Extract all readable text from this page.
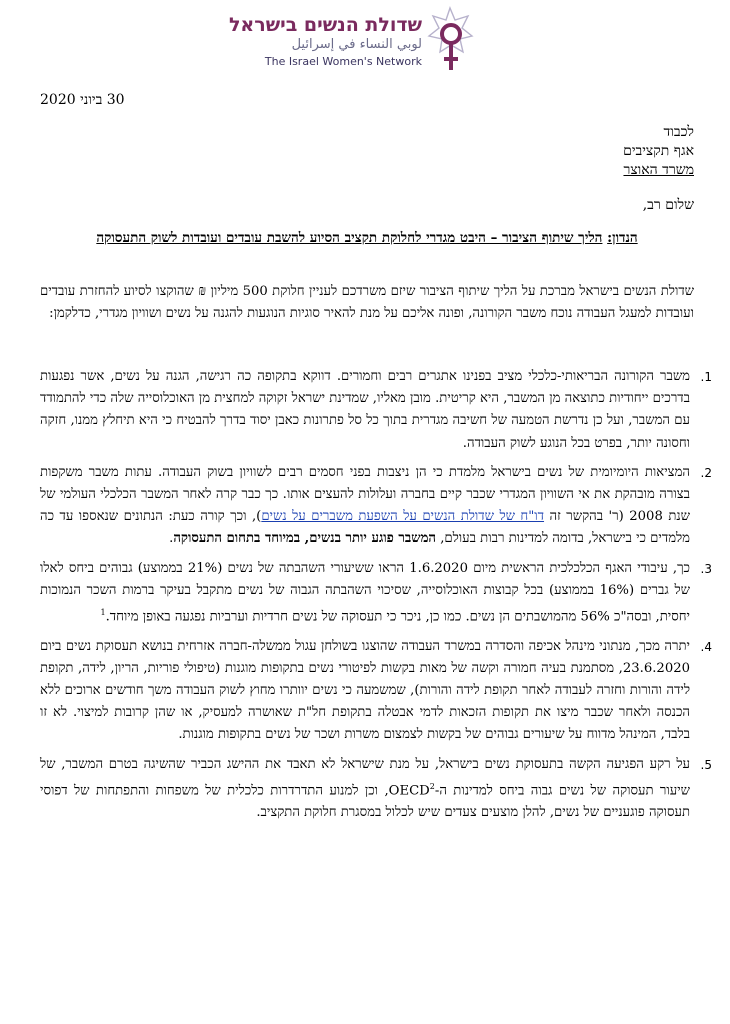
שדולת הנשים בישראל
لوبي النساء في إسرائيل
The Israel Women's Network
30 ביוני 2020
לכבוד
אגף תקציבים
משרד האוצר
שלום רב,
הנדון: הליך שיתוף הציבור – היבט מגדרי לחלוקת תקציב הסיוע להשבת עובדים ועובדות לשוק התעסוקה
שדולת הנשים בישראל מברכת על הליך שיתוף הציבור שיזם משרדכם לעניין חלוקת 500 מיליון ₪ שהוקצו לסיוע להחזרת עובדים ועובדות למעגל העבודה נוכח משבר הקורונה, ופונה אליכם על מנת להאיר סוגיות הנוגעות להגנה על נשים ושוויון מגדרי, כדלקמן:
1.
משבר הקורונה הבריאותי-כלכלי מציב בפנינו אתגרים רבים וחמורים. דווקא בתקופה כה רגישה, הגנה על נשים, אשר נפגעות בדרכים ייחודיות כתוצאה מן המשבר, היא קריטית. מובן מאליו, שמדינת ישראל זקוקה למחצית מן האוכלוסייה שלה כדי להתמודד עם המשבר, ועל כן נדרשת הטמעה של חשיבה מגדרית בתוך כל סל פתרונות כאבן יסוד בדרך להבטיח כי היא תיחלץ ממנו, חזקה וחסונה יותר, בפרט בכל הנוגע לשוק העבודה.
2.
המציאות היומיומית של נשים בישראל מלמדת כי הן ניצבות בפני חסמים רבים לשוויון בשוק העבודה. עתות משבר משקפות בצורה מובהקת את אי השוויון המגדרי שכבר קיים בחברה ועלולות להעצים אותו. כך כבר קרה לאחר המשבר הכלכלי העולמי של שנת 2008 (ר' בהקשר זה דו"ח של שדולת הנשים על השפעת משברים על נשים), וכך קורה כעת: הנתונים שנאספו עד כה מלמדים כי בישראל, בדומה למדינות רבות בעולם, המשבר פוגע יותר בנשים, במיוחד בתחום התעסוקה.
3.
כך, עיבודי האגף הכלכלכית הראשית מיום 1.6.2020 הראו ששיעורי השהבתה של נשים (21% בממוצע) גבוהים ביחס לאלו של גברים (16% בממוצע) בכל קבוצות האוכלוסייה, שסיכוי השהבתה הגבוה של נשים מתקבל בעיקר ברמות השכר הנמוכות יחסית, ובסה"כ 56% מהמושבתים הן נשים. כמו כן, ניכר כי תעסוקה של נשים חרדיות וערביות נפגעה באופן מיוחד.$^1$
4.
יתרה מכך, מנתוני מינהל אכיפה והסדרה במשרד העבודה שהוצגו בשולחן עגול ממשלה-חברה אזרחית בנושא תעסוקת נשים ביום 23.6.2020, מסתמנת בעיה חמורה וקשה של מאות בקשות לפיטורי נשים בתקופות מוגנות (טיפולי פוריות, הריון, לידה, תקופת לידה והורות וחזרה לעבודה לאחר תקופת לידה והורות), שמשמעה כי נשים יוותרו מחוץ לשוק העבודה משך חודשים ארוכים ללא הכנסה ולאחר שכבר מיצו את תקופות הזכאות לדמי אבטלה בתקופת חל"ת שאושרה למעסיק, או שהן קרובות למיצוי. לא זו בלבד, המינהל מדווח על שיעורים גבוהים של בקשות לצמצום משרות ושכר של נשים בתקופות מוגנות.
5.
על רקע הפגיעה הקשה בתעסוקת נשים בישראל, על מנת שישראל לא תאבד את ההישג הכביר שהשיגה בטרם המשבר, של שיעור תעסוקה של נשים גבוה ביחס למדינות ה-OECD$^2$, וכן למנוע התדרדרות כלכלית של משפחות והתפתחות של דפוסי תעסוקה פוגעניים של נשים, להלן מוצעים צעדים שיש לכלול במסגרת חלוקת התקציב.
